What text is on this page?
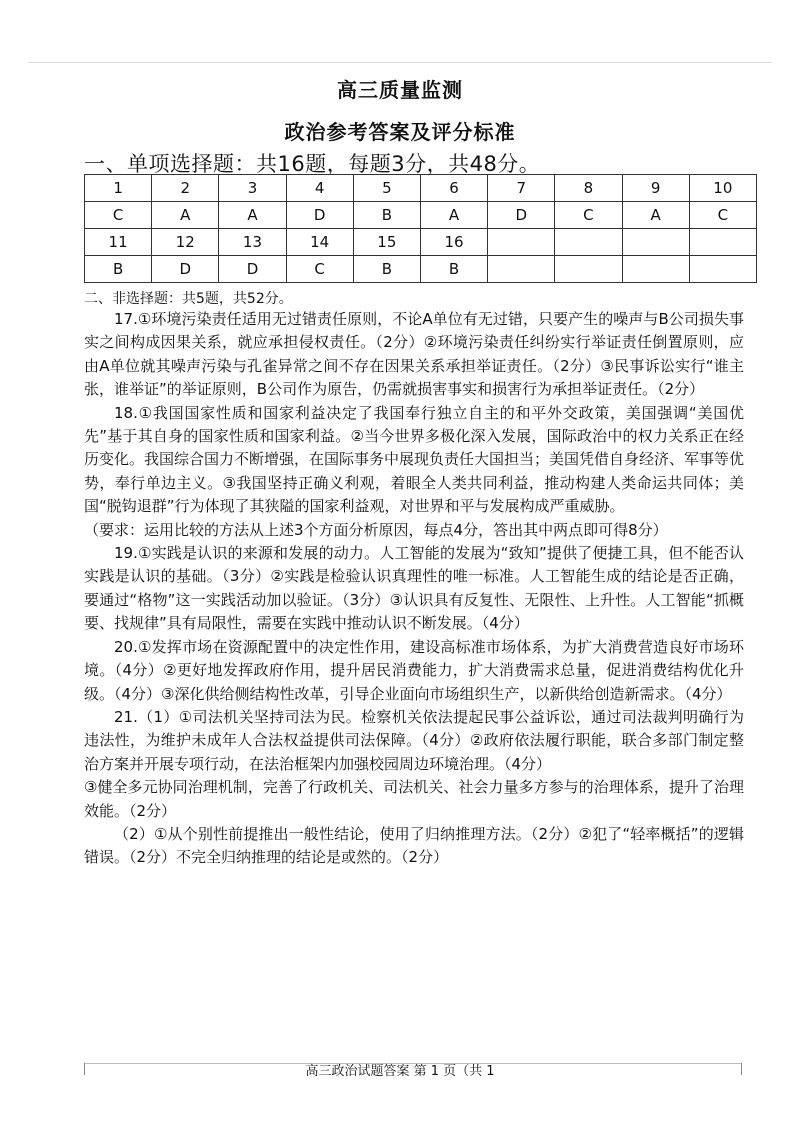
高三质量监测
政治参考答案及评分标准
一、单项选择题：共16题，每题3分，共48分。
1	2	3	4	5	6	7	8	9	10
C	A	A	D	B	A	D	C	A	C
11	12	13	14	15	16				
B	D	D	C	B	B				
二、非选择题：共5题，共52分。

17.①环境污染责任适用无过错责任原则，不论A单位有无过错，只要产生的噪声与B公司损失事实之间构成因果关系，就应承担侵权责任。（2分）②环境污染责任纠纷实行举证责任倒置原则，应由A单位就其噪声污染与孔雀异常之间不存在因果关系承担举证责任。（2分）③民事诉讼实行“谁主张，谁举证”的举证原则，B公司作为原告，仍需就损害事实和损害行为承担举证责任。（2分）

18.①我国国家性质和国家利益决定了我国奉行独立自主的和平外交政策，美国强调“美国优先”基于其自身的国家性质和国家利益。②当今世界多极化深入发展，国际政治中的权力关系正在经历变化。我国综合国力不断增强，在国际事务中展现负责任大国担当；美国凭借自身经济、军事等优势，奉行单边主义。③我国坚持正确义利观，着眼全人类共同利益，推动构建人类命运共同体；美国“脱钩退群”行为体现了其狭隘的国家利益观，对世界和平与发展构成严重威胁。

（要求：运用比较的方法从上述3个方面分析原因，每点4分，答出其中两点即可得8分）

19.①实践是认识的来源和发展的动力。人工智能的发展为“致知”提供了便捷工具，但不能否认实践是认识的基础。（3分）②实践是检验认识真理性的唯一标准。人工智能生成的结论是否正确，要通过“格物”这一实践活动加以验证。（3分）③认识具有反复性、无限性、上升性。人工智能“抓概要、找规律”具有局限性，需要在实践中推动认识不断发展。（4分）

20.①发挥市场在资源配置中的决定性作用，建设高标准市场体系，为扩大消费营造良好市场环境。（4分）②更好地发挥政府作用，提升居民消费能力，扩大消费需求总量，促进消费结构优化升级。（4分）③深化供给侧结构性改革，引导企业面向市场组织生产，以新供给创造新需求。（4分）

21.（1）①司法机关坚持司法为民。检察机关依法提起民事公益诉讼，通过司法裁判明确行为违法性，为维护未成年人合法权益提供司法保障。（4分）②政府依法履行职能，联合多部门制定整治方案并开展专项行动，在法治框架内加强校园周边环境治理。（4分）

③健全多元协同治理机制，完善了行政机关、司法机关、社会力量多方参与的治理体系，提升了治理效能。（2分）

（2）①从个别性前提推出一般性结论，使用了归纳推理方法。（2分）②犯了“轻率概括”的逻辑错误。（2分）不完全归纳推理的结论是或然的。（2分）

高三政治试题答案 第 1 页（共 1
